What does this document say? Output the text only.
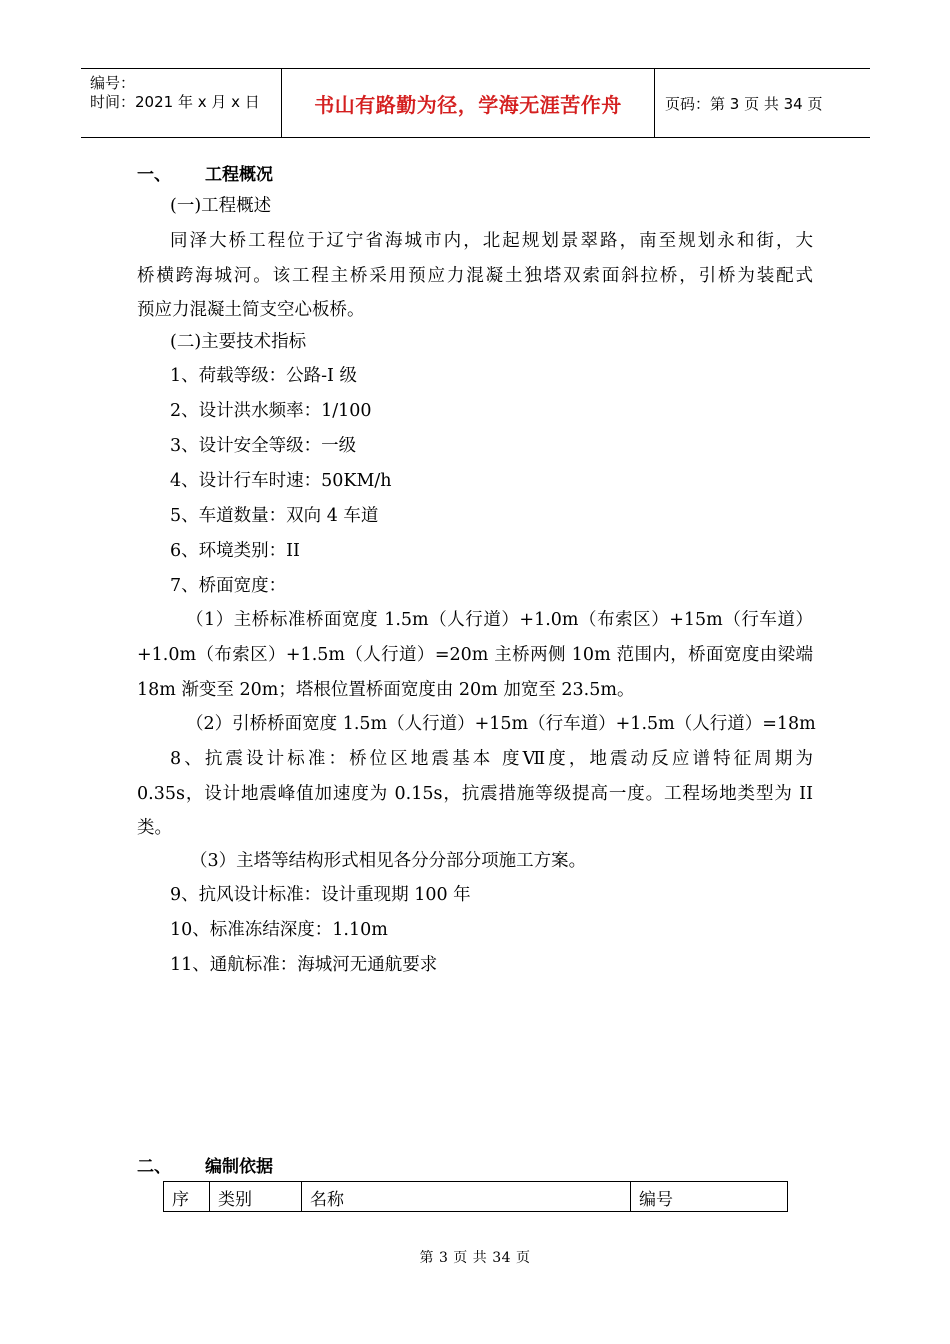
编号：
时间：2021 年 x 月 x 日	书山有路勤为径，学海无涯苦作舟	页码：第 3 页 共 34 页
一、 工程概况
(一)工程概述
同泽大桥工程位于辽宁省海城市内，北起规划景翠路，南至规划永和街，大
桥横跨海城河。该工程主桥采用预应力混凝土独塔双索面斜拉桥，引桥为装配式
预应力混凝土简支空心板桥。
(二)主要技术指标
1、荷载等级：公路-I 级
2、设计洪水频率：1/100
3、设计安全等级：一级
4、设计行车时速：50KM/h
5、车道数量：双向 4 车道
6、环境类别：II
7、桥面宽度：
（1）主桥标准桥面宽度 1.5m（人行道）+1.0m（布索区）+15m（行车道）
+1.0m（布索区）+1.5m（人行道）=20m 主桥两侧 10m 范围内，桥面宽度由梁端
18m 渐变至 20m；塔根位置桥面宽度由 20m 加宽至 23.5m。
（2）引桥桥面宽度 1.5m（人行道）+15m（行车道）+1.5m（人行道）=18m
8、抗震设计标准：桥位区地震基本 度Ⅶ度，地震动反应谱特征周期为
0.35s，设计地震峰值加速度为 0.15s，抗震措施等级提高一度。工程场地类型为 II
类。
（3）主塔等结构形式相见各分分部分项施工方案。
9、抗风设计标准：设计重现期 100 年
10、标准冻结深度：1.10m
11、通航标准：海城河无通航要求
二、 编制依据
序	类别	名称	编号
第 3 页 共 34 页
